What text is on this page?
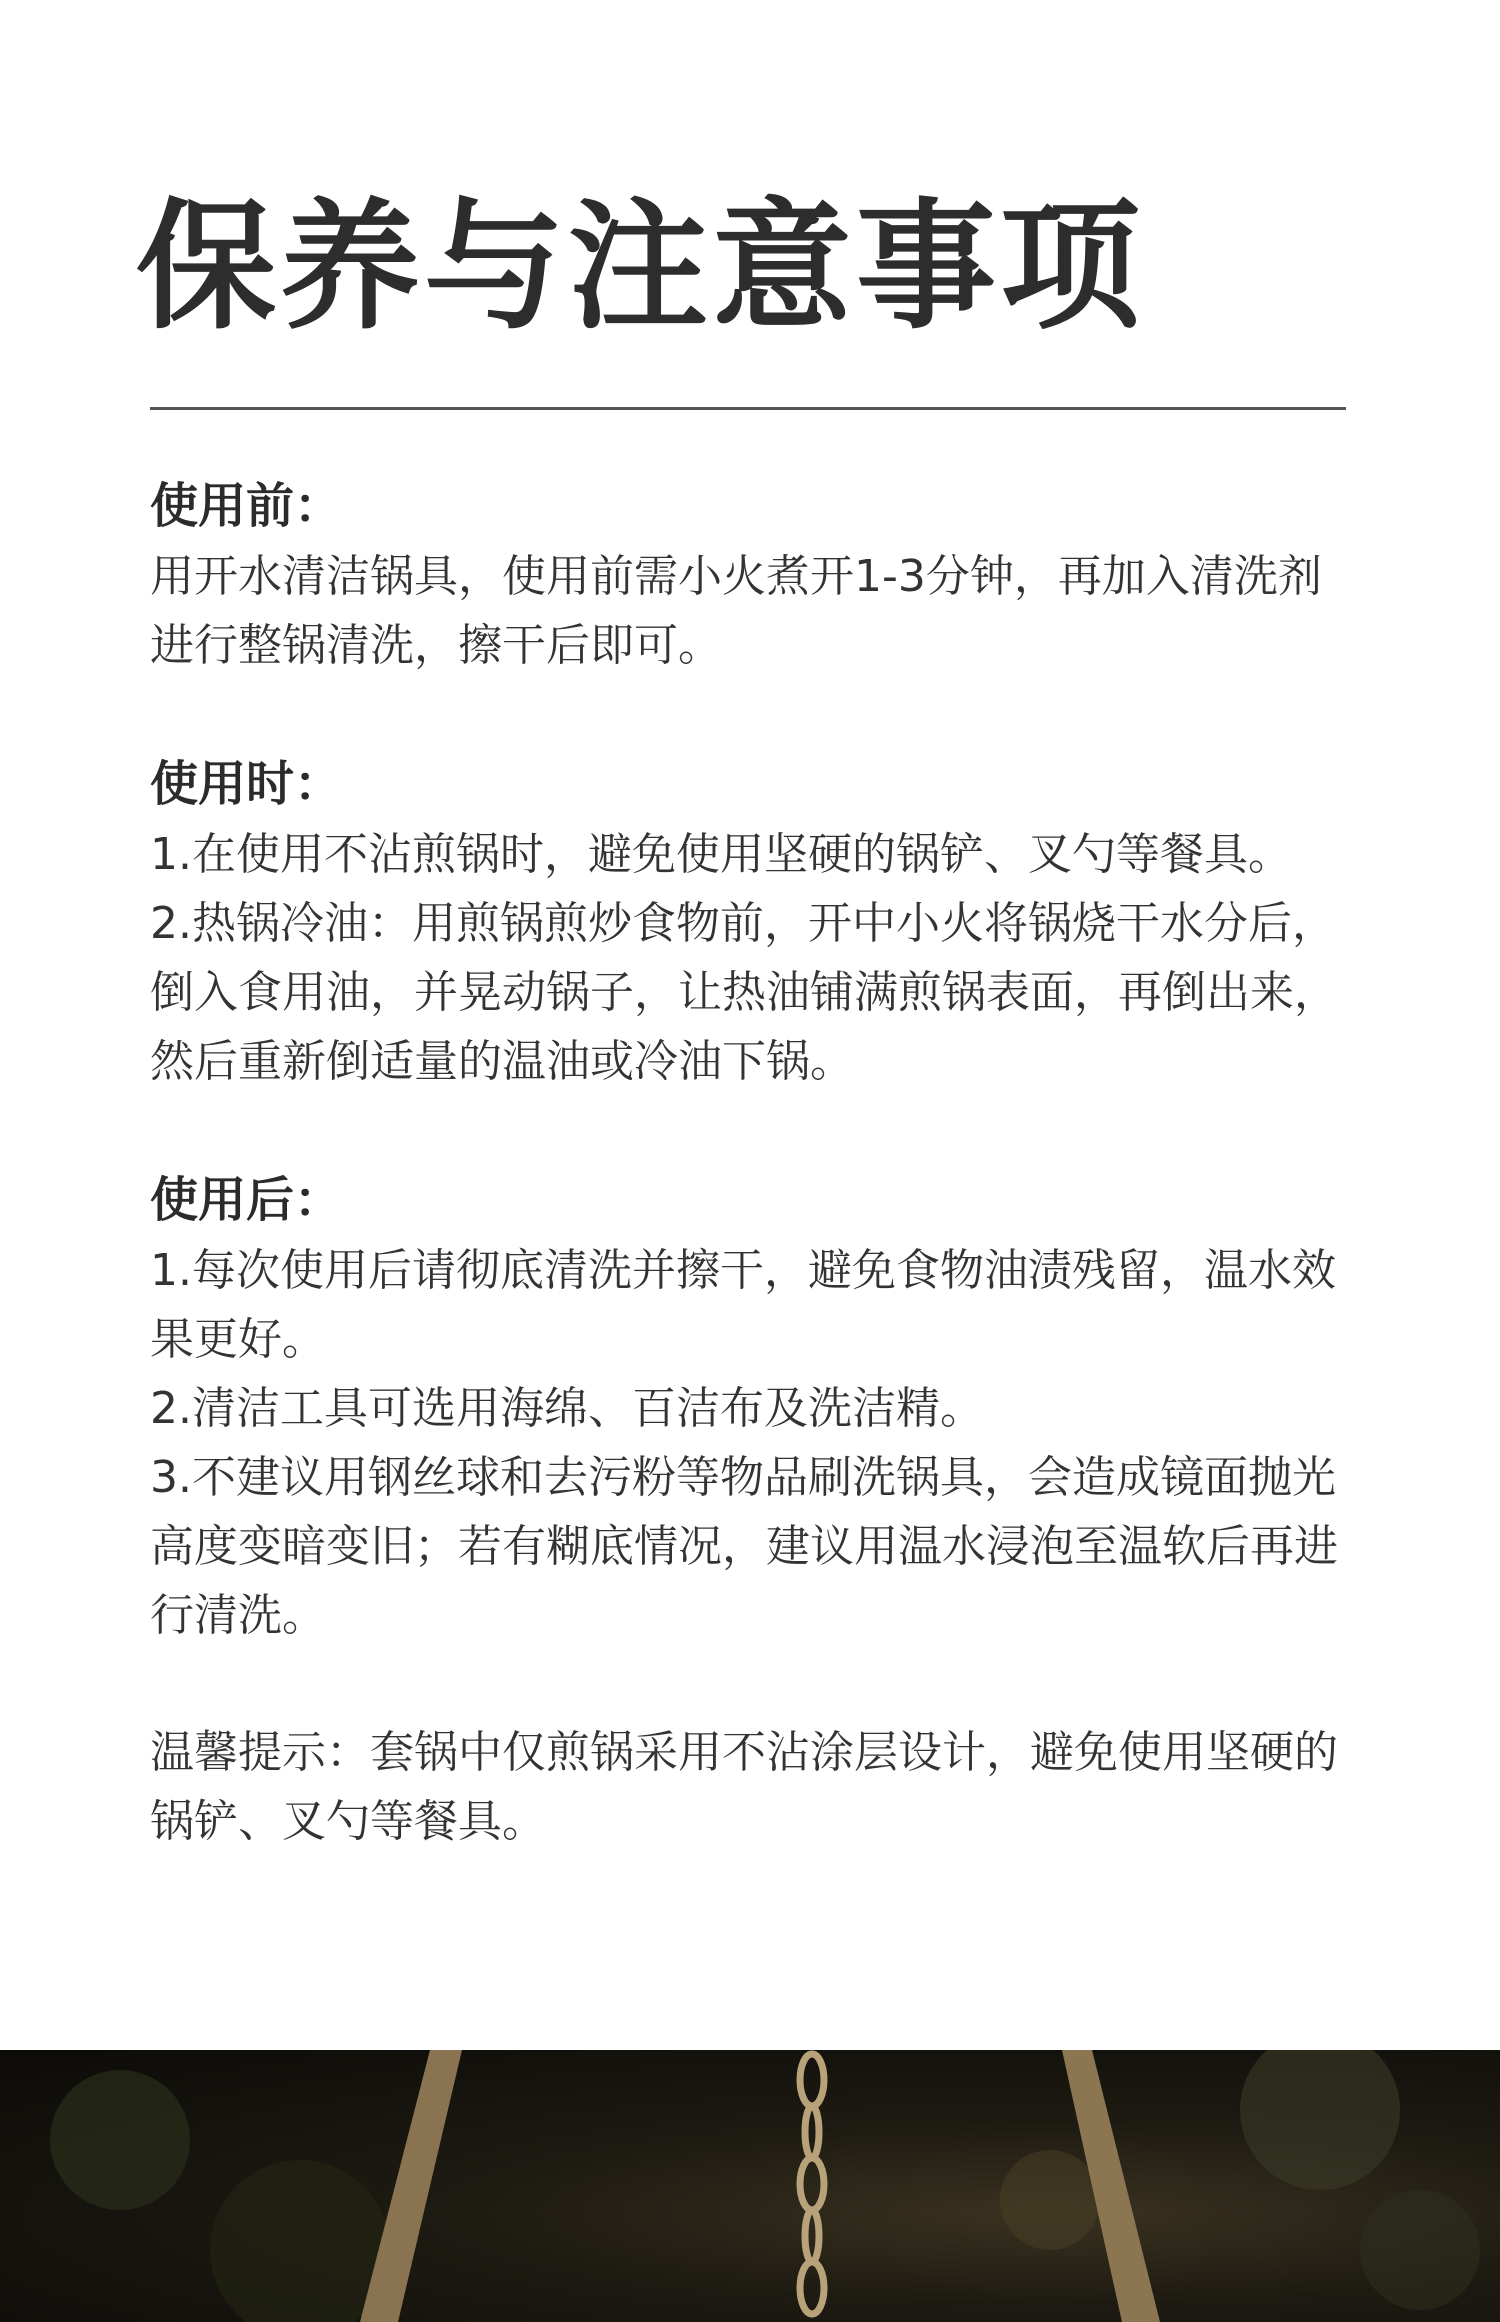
保养与注意事项

使用前：

用开水清洁锅具，使用前需小火煮开1-3分钟，再加入清洗剂进行整锅清洗，擦干后即可。

使用时：

1.在使用不沾煎锅时，避免使用坚硬的锅铲、叉勺等餐具。

2.热锅冷油：用煎锅煎炒食物前，开中小火将锅烧干水分后，倒入食用油，并晃动锅子，让热油铺满煎锅表面，再倒出来，然后重新倒适量的温油或冷油下锅。

使用后：

1.每次使用后请彻底清洗并擦干，避免食物油渍残留，温水效果更好。

2.清洁工具可选用海绵、百洁布及洗洁精。

3.不建议用钢丝球和去污粉等物品刷洗锅具，会造成镜面抛光高度变暗变旧；若有糊底情况，建议用温水浸泡至温软后再进行清洗。

温馨提示：套锅中仅煎锅采用不沾涂层设计，避免使用坚硬的锅铲、叉勺等餐具。
